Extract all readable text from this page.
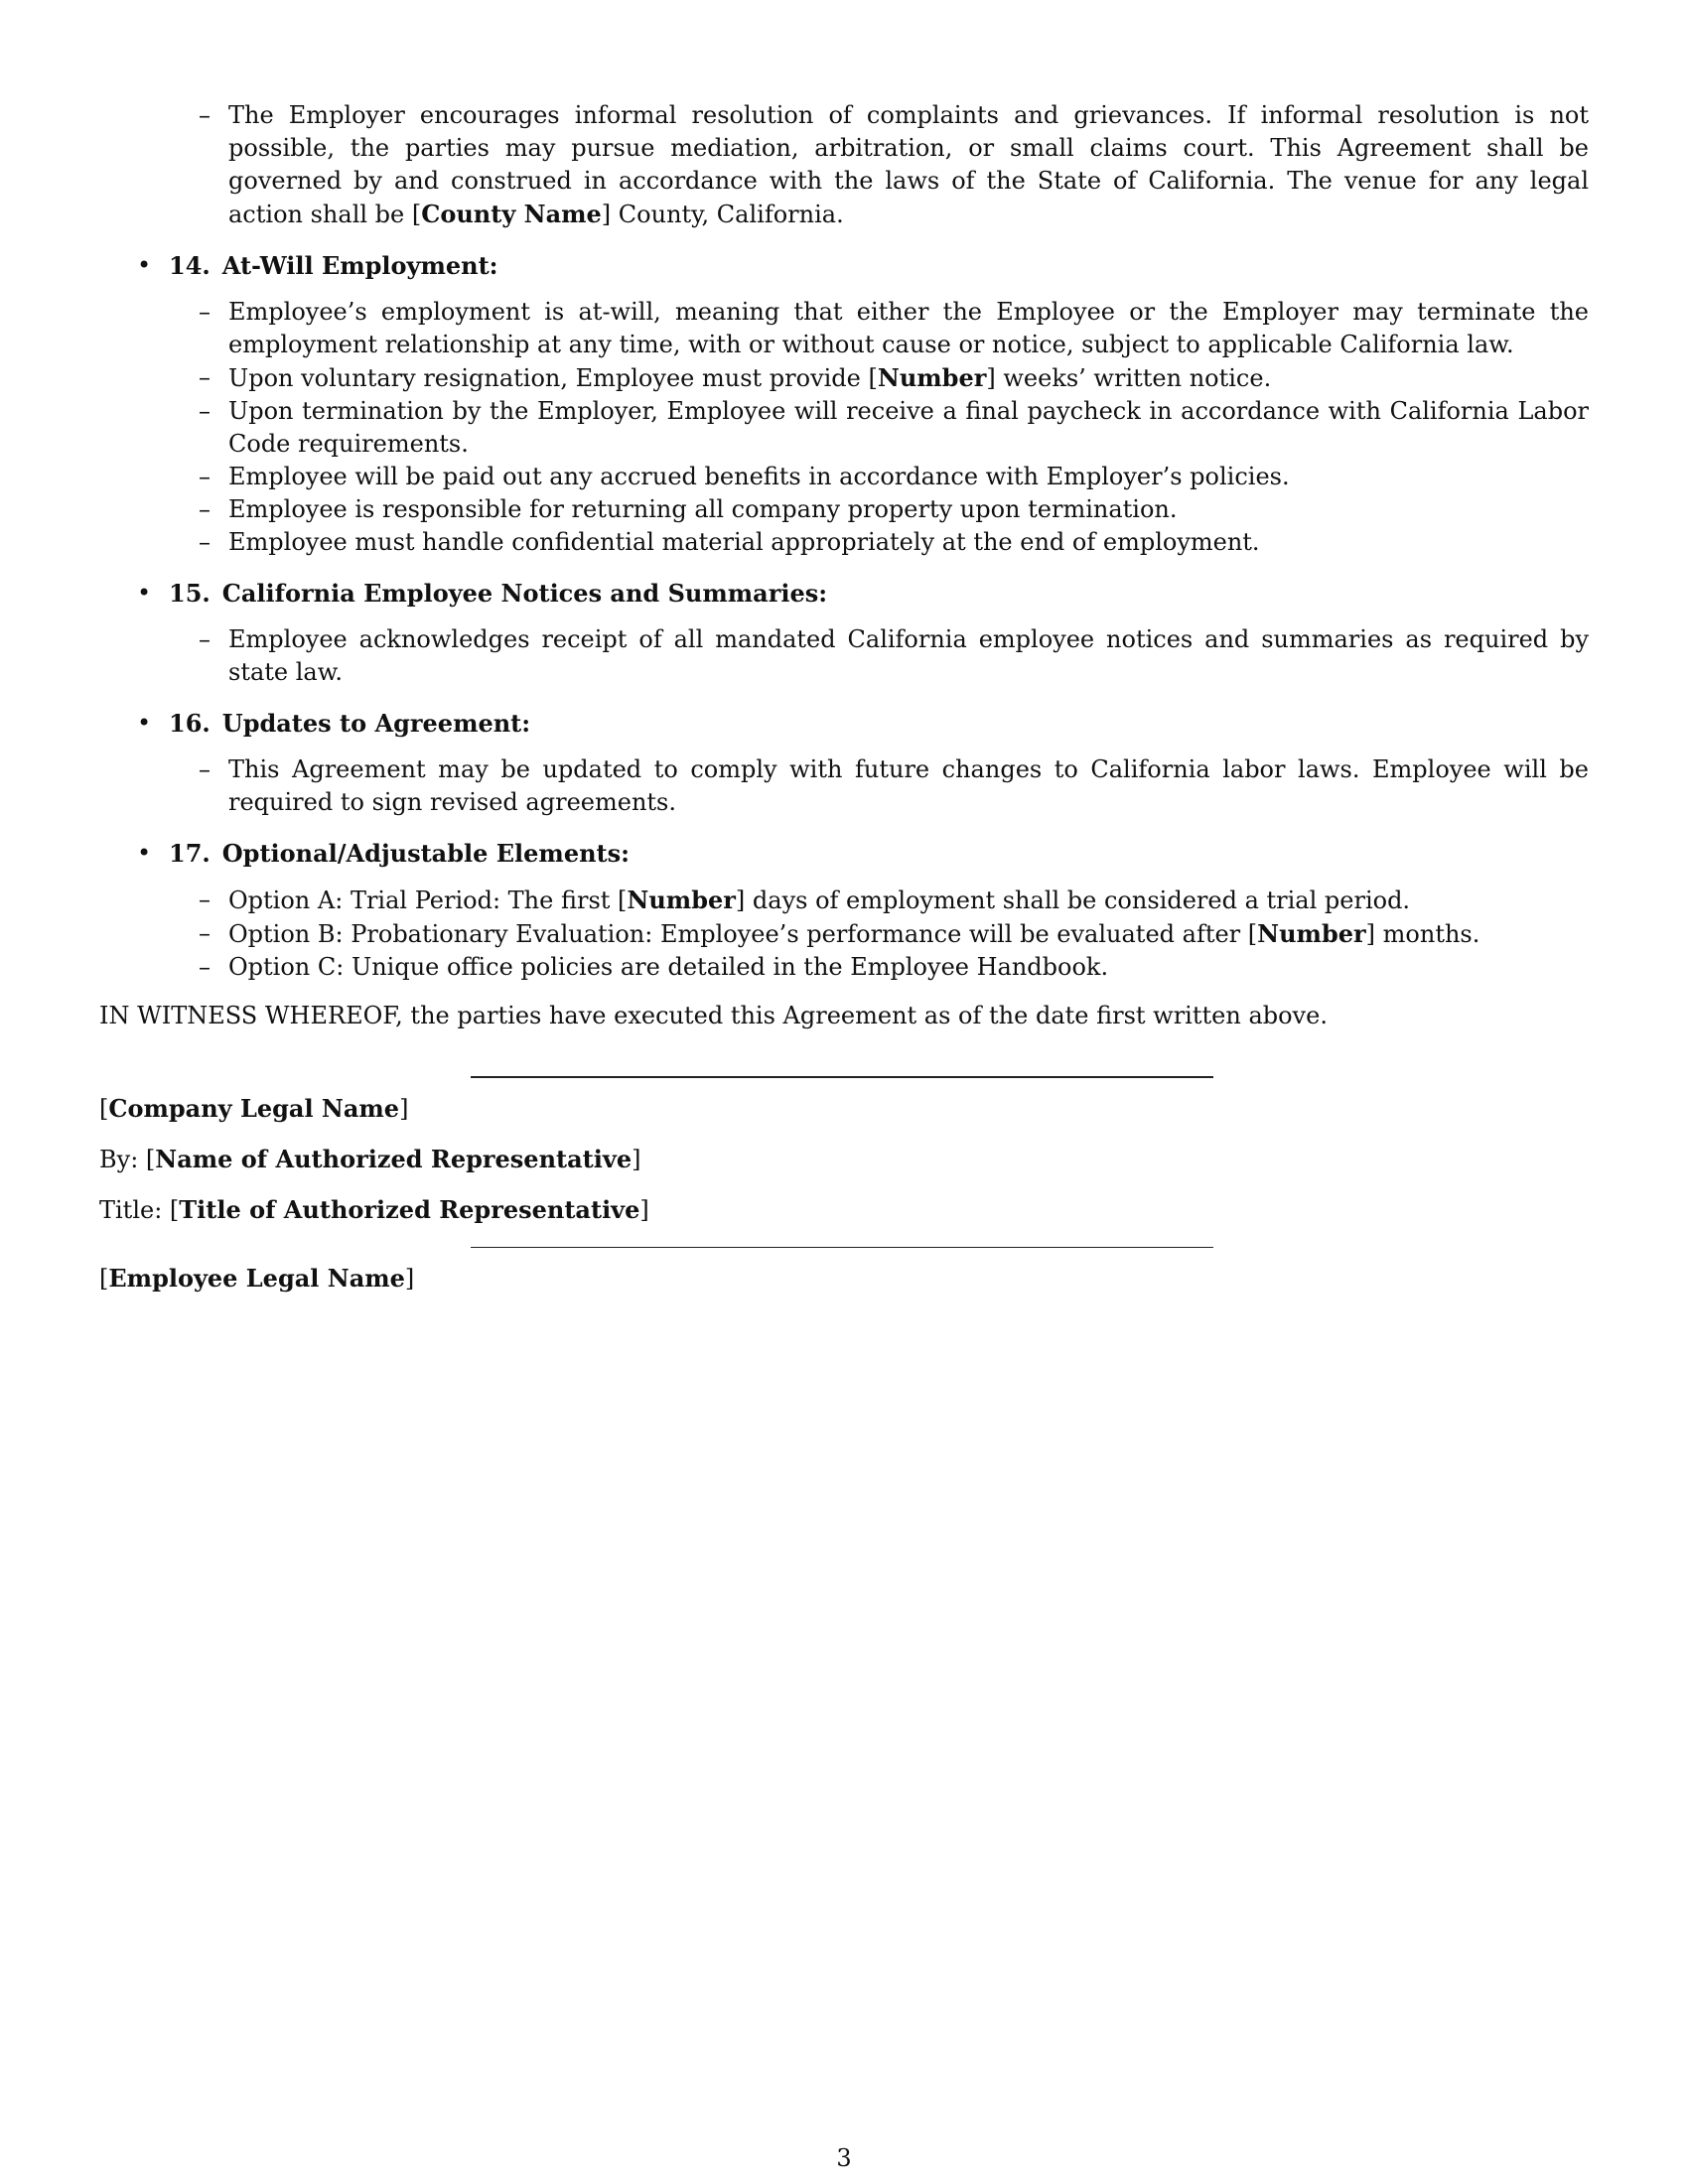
– The Employer encourages informal resolution of complaints and grievances. If informal resolution is not possible, the parties may pursue mediation, arbitration, or small claims court. This Agreement shall be governed by and construed in accordance with the laws of the State of California. The venue for any legal action shall be [County Name] County, California.
• 14. At-Will Employment:
– Employee’s employment is at-will, meaning that either the Employee or the Employer may terminate the employment relationship at any time, with or without cause or notice, subject to applicable California law.
– Upon voluntary resignation, Employee must provide [Number] weeks’ written notice.
– Upon termination by the Employer, Employee will receive a final paycheck in accordance with California Labor Code requirements.
– Employee will be paid out any accrued benefits in accordance with Employer’s policies.
– Employee is responsible for returning all company property upon termination.
– Employee must handle confidential material appropriately at the end of employment.
• 15. California Employee Notices and Summaries:
– Employee acknowledges receipt of all mandated California employee notices and summaries as required by state law.
• 16. Updates to Agreement:
– This Agreement may be updated to comply with future changes to California labor laws. Employee will be required to sign revised agreements.
• 17. Optional/Adjustable Elements:
– Option A: Trial Period: The first [Number] days of employment shall be considered a trial period.
– Option B: Probationary Evaluation: Employee’s performance will be evaluated after [Number] months.
– Option C: Unique office policies are detailed in the Employee Handbook.
IN WITNESS WHEREOF, the parties have executed this Agreement as of the date first written above.

[Company Legal Name]

By: [Name of Authorized Representative]

Title: [Title of Authorized Representative]

[Employee Legal Name]

3
